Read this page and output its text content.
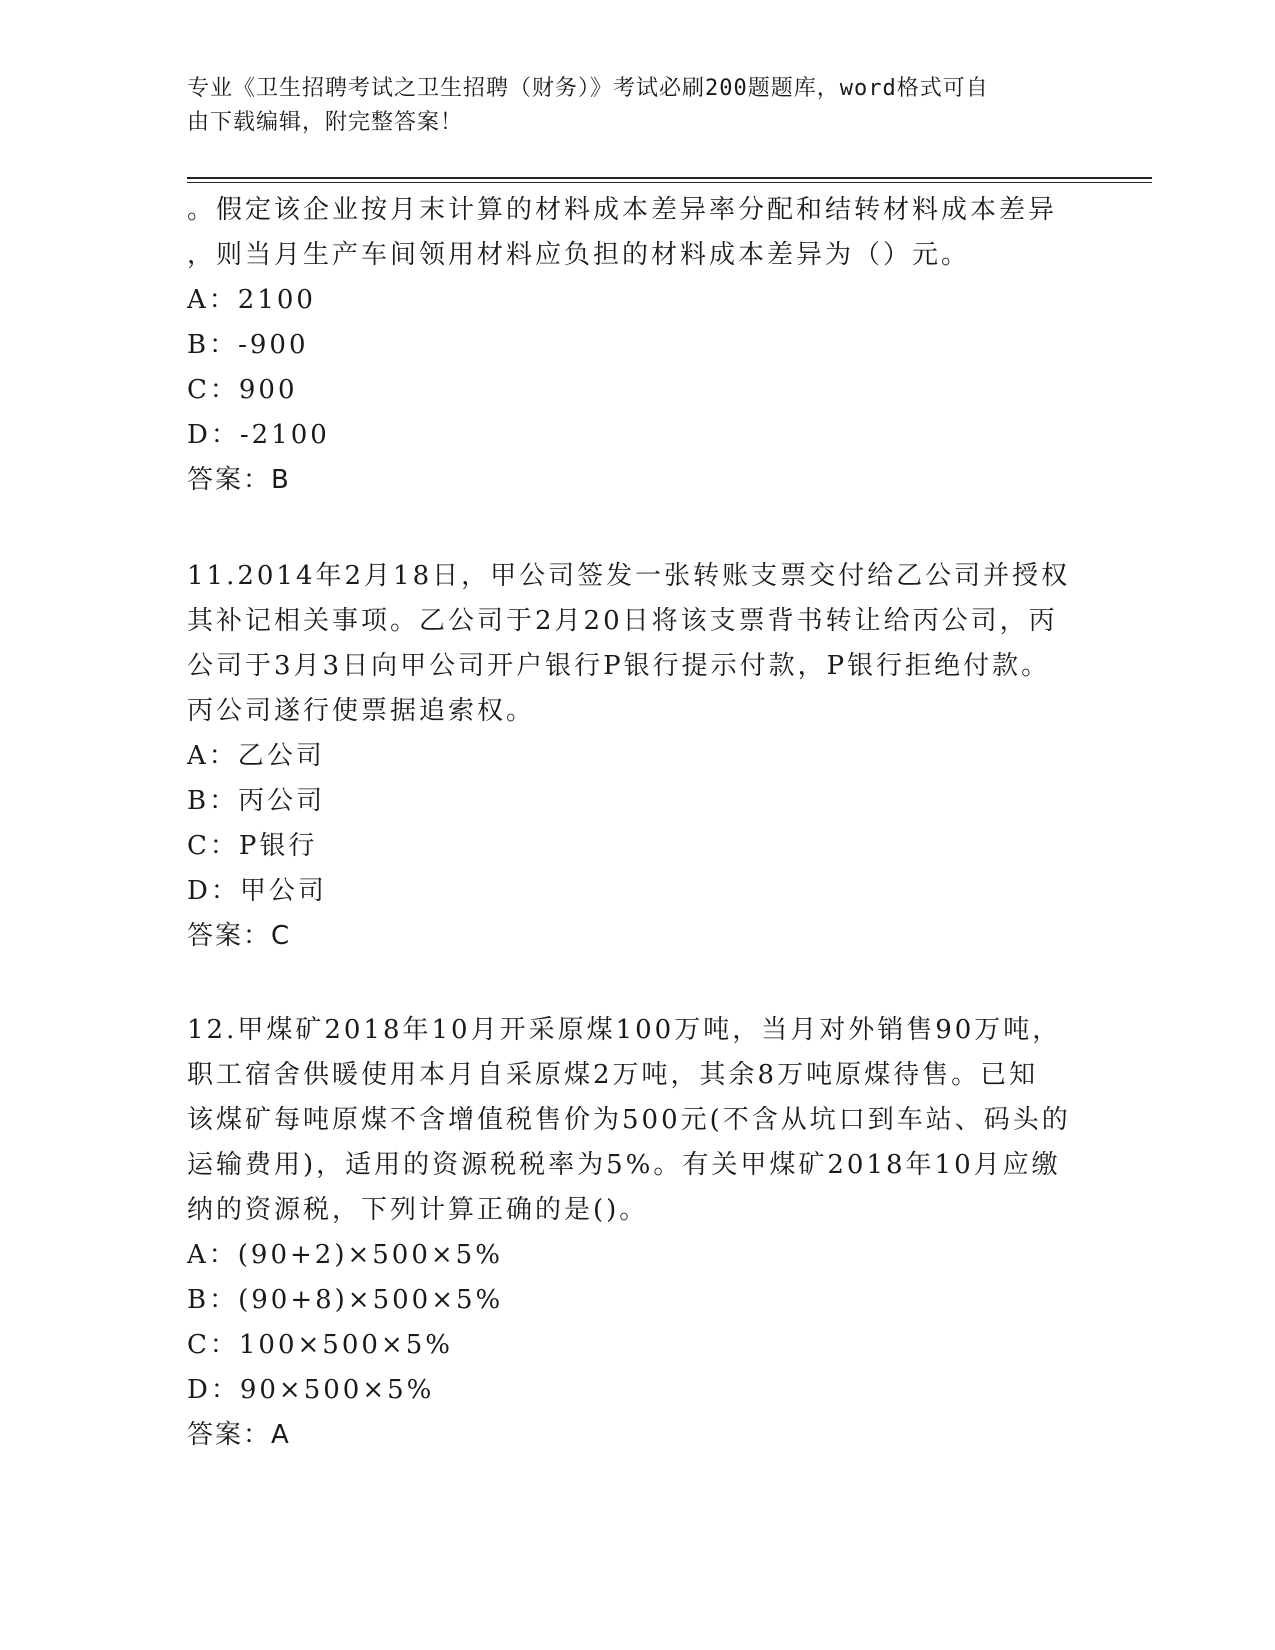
专业《卫生招聘考试之卫生招聘（财务）》考试必刷200题题库，word格式可自
由下载编辑，附完整答案！
。假定该企业按月末计算的材料成本差异率分配和结转材料成本差异
，则当月生产车间领用材料应负担的材料成本差异为（）元。
A：2100
B：-900
C：900
D：-2100
答案：B
11.2014年2月18日，甲公司签发一张转账支票交付给乙公司并授权
其补记相关事项。乙公司于2月20日将该支票背书转让给丙公司，丙
公司于3月3日向甲公司开户银行P银行提示付款，P银行拒绝付款。
丙公司遂行使票据追索权。
A：乙公司
B：丙公司
C：P银行
D：甲公司
答案：C
12.甲煤矿2018年10月开采原煤100万吨，当月对外销售90万吨，
职工宿舍供暖使用本月自采原煤2万吨，其余8万吨原煤待售。已知
该煤矿每吨原煤不含增值税售价为500元(不含从坑口到车站、码头的
运输费用)，适用的资源税税率为5%。有关甲煤矿2018年10月应缴
纳的资源税，下列计算正确的是()。
A：(90+2)×500×5%
B：(90+8)×500×5%
C：100×500×5%
D：90×500×5%
答案：A
